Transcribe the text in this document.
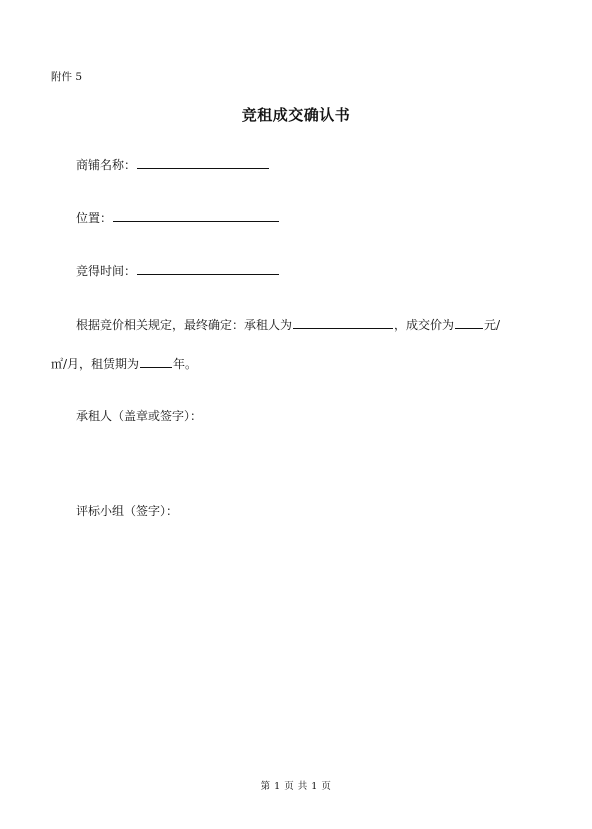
附件 5
竞租成交确认书
商铺名称：
位置：
竞得时间：
根据竞价相关规定，最终确定：承租人为	，成交价为	元/
㎡/月，租赁期为	年。
承租人（盖章或签字）：
评标小组（签字）：
第 1 页 共 1 页
